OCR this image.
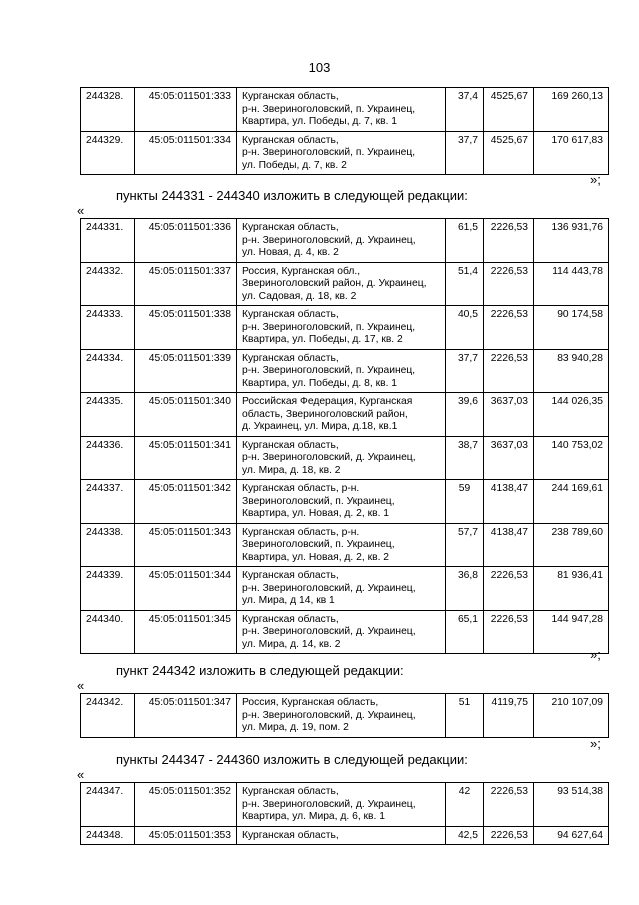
103
244328.	45:05:011501:333	Курганская область,
р-н. Звериноголовский, п. Украинец,
Квартира, ул. Победы, д. 7, кв. 1	37,4	4525,67	169 260,13
244329.	45:05:011501:334	Курганская область,
р-н. Звериноголовский, п. Украинец,
ул. Победы, д. 7, кв. 2	37,7	4525,67	170 617,83
»;
пункты 244331 - 244340 изложить в следующей редакции:
«
244331.	45:05:011501:336	Курганская область,
р-н. Звериноголовский, д. Украинец,
ул. Новая, д. 4, кв. 2	61,5	2226,53	136 931,76
244332.	45:05:011501:337	Россия, Курганская обл.,
Звериноголовский район, д. Украинец,
ул. Садовая, д. 18, кв. 2	51,4	2226,53	114 443,78
244333.	45:05:011501:338	Курганская область,
р-н. Звериноголовский, п. Украинец,
Квартира, ул. Победы, д. 17, кв. 2	40,5	2226,53	90 174,58
244334.	45:05:011501:339	Курганская область,
р-н. Звериноголовский, п. Украинец,
Квартира, ул. Победы, д. 8, кв. 1	37,7	2226,53	83 940,28
244335.	45:05:011501:340	Российская Федерация, Курганская
область, Звериноголовский район,
д. Украинец, ул. Мира, д.18, кв.1	39,6	3637,03	144 026,35
244336.	45:05:011501:341	Курганская область,
р-н. Звериноголовский, д. Украинец,
ул. Мира, д. 18, кв. 2	38,7	3637,03	140 753,02
244337.	45:05:011501:342	Курганская область, р-н.
Звериноголовский, п. Украинец,
Квартира, ул. Новая, д. 2, кв. 1	59	4138,47	244 169,61
244338.	45:05:011501:343	Курганская область, р-н.
Звериноголовский, п. Украинец,
Квартира, ул. Новая, д. 2, кв. 2	57,7	4138,47	238 789,60
244339.	45:05:011501:344	Курганская область,
р-н. Звериноголовский, д. Украинец,
ул. Мира, д 14, кв 1	36,8	2226,53	81 936,41
244340.	45:05:011501:345	Курганская область,
р-н. Звериноголовский, д. Украинец,
ул. Мира, д. 14, кв. 2	65,1	2226,53	144 947,28
»;
пункт 244342 изложить в следующей редакции:
«
244342.	45:05:011501:347	Россия, Курганская область,
р-н. Звериноголовский, д. Украинец,
ул. Мира, д. 19, пом. 2	51	4119,75	210 107,09
»;
пункты 244347 - 244360 изложить в следующей редакции:
«
244347.	45:05:011501:352	Курганская область,
р-н. Звериноголовский, д. Украинец,
Квартира, ул. Мира, д. 6, кв. 1	42	2226,53	93 514,38
244348.	45:05:011501:353	Курганская область,	42,5	2226,53	94 627,64
